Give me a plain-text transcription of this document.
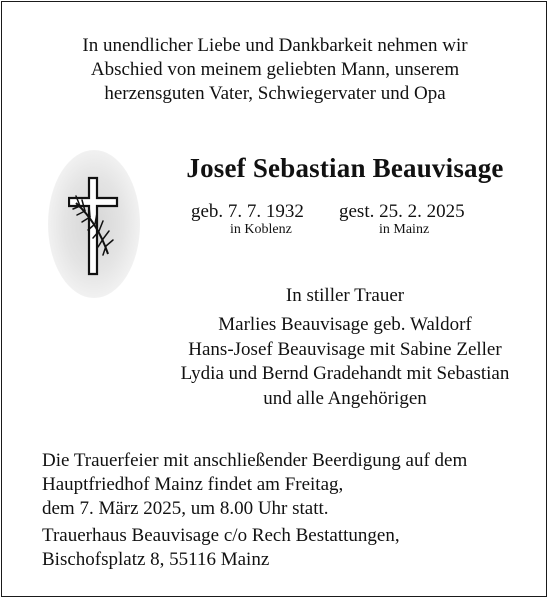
In unendlicher Liebe und Dankbarkeit nehmen wir
Abschied von meinem geliebten Mann, unserem
herzensguten Vater, Schwiegervater und Opa
Josef Sebastian Beauvisage
geb. 7. 7. 1932 gest. 25. 2. 2025
in Koblenz	in Mainz
In stiller Trauer
Marlies Beauvisage geb. Waldorf
Hans-Josef Beauvisage mit Sabine Zeller
Lydia und Bernd Gradehandt mit Sebastian
und alle Angehörigen
Die Trauerfeier mit anschließender Beerdigung auf dem
Hauptfriedhof Mainz findet am Freitag,
dem 7. März 2025, um 8.00 Uhr statt.
Trauerhaus Beauvisage c/o Rech Bestattungen,
Bischofsplatz 8, 55116 Mainz
